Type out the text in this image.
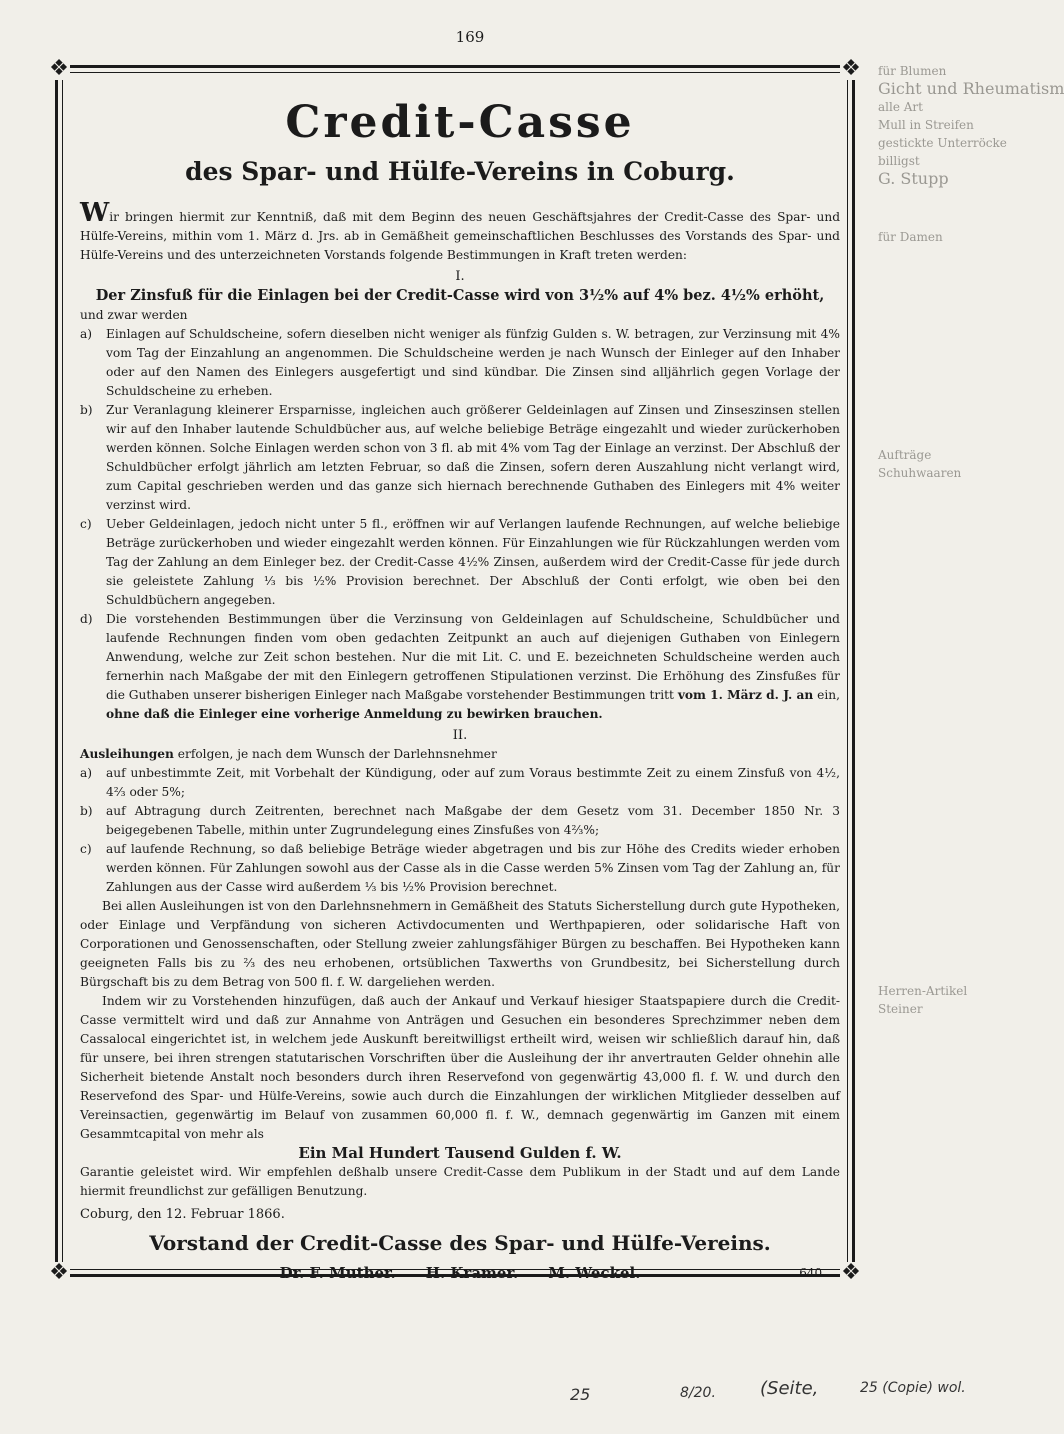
169
❖	❖
❖	❖
Credit-Casse
des Spar- und Hülfe-Vereins in Coburg.

Wir bringen hiermit zur Kenntniß, daß mit dem Beginn des neuen Geschäftsjahres der Credit-Casse des Spar- und Hülfe-Vereins, mithin vom 1. März d. Jrs. ab in Gemäßheit gemeinschaftlichen Beschlusses des Vorstands des Spar- und Hülfe-Vereins und des unterzeichneten Vorstands folgende Bestimmungen in Kraft treten werden:

I.
Der Zinsfuß für die Einlagen bei der Credit-Casse wird von 3½% auf 4% bez. 4½% erhöht,

und zwar werden

a)	Einlagen auf Schuldscheine, sofern dieselben nicht weniger als fünfzig Gulden s. W. betragen, zur Verzinsung mit 4% vom Tag der Einzahlung an angenommen. Die Schuldscheine werden je nach Wunsch der Einleger auf den Inhaber oder auf den Namen des Einlegers ausgefertigt und sind kündbar. Die Zinsen sind alljährlich gegen Vorlage der Schuldscheine zu erheben.
b)	Zur Veranlagung kleinerer Ersparnisse, ingleichen auch größerer Geldeinlagen auf Zinsen und Zinseszinsen stellen wir auf den Inhaber lautende Schuldbücher aus, auf welche beliebige Beträge eingezahlt und wieder zurückerhoben werden können. Solche Einlagen werden schon von 3 fl. ab mit 4% vom Tag der Einlage an verzinst. Der Abschluß der Schuldbücher erfolgt jährlich am letzten Februar, so daß die Zinsen, sofern deren Auszahlung nicht verlangt wird, zum Capital geschrieben werden und das ganze sich hiernach berechnende Guthaben des Einlegers mit 4% weiter verzinst wird.
c)	Ueber Geldeinlagen, jedoch nicht unter 5 fl., eröffnen wir auf Verlangen laufende Rechnungen, auf welche beliebige Beträge zurückerhoben und wieder eingezahlt werden können. Für Einzahlungen wie für Rückzahlungen werden vom Tag der Zahlung an dem Einleger bez. der Credit-Casse 4½% Zinsen, außerdem wird der Credit-Casse für jede durch sie geleistete Zahlung ⅓ bis ½% Provision berechnet. Der Abschluß der Conti erfolgt, wie oben bei den Schuldbüchern angegeben.
d)	Die vorstehenden Bestimmungen über die Verzinsung von Geldeinlagen auf Schuldscheine, Schuldbücher und laufende Rechnungen finden vom oben gedachten Zeitpunkt an auch auf diejenigen Guthaben von Einlegern Anwendung, welche zur Zeit schon bestehen. Nur die mit Lit. C. und E. bezeichneten Schuldscheine werden auch fernerhin nach Maßgabe der mit den Einlegern getroffenen Stipulationen verzinst. Die Erhöhung des Zinsfußes für die Guthaben unserer bisherigen Einleger nach Maßgabe vorstehender Bestimmungen tritt vom 1. März d. J. an ein, ohne daß die Einleger eine vorherige Anmeldung zu bewirken brauchen.
II.

Ausleihungen erfolgen, je nach dem Wunsch der Darlehnsnehmer

a)	auf unbestimmte Zeit, mit Vorbehalt der Kündigung, oder auf zum Voraus bestimmte Zeit zu einem Zinsfuß von 4½, 4⅔ oder 5%;
b)	auf Abtragung durch Zeitrenten, berechnet nach Maßgabe der dem Gesetz vom 31. December 1850 Nr. 3 beigegebenen Tabelle, mithin unter Zugrundelegung eines Zinsfußes von 4⅔%;
c)	auf laufende Rechnung, so daß beliebige Beträge wieder abgetragen und bis zur Höhe des Credits wieder erhoben werden können. Für Zahlungen sowohl aus der Casse als in die Casse werden 5% Zinsen vom Tag der Zahlung an, für Zahlungen aus der Casse wird außerdem ⅓ bis ½% Provision berechnet.

Bei allen Ausleihungen ist von den Darlehnsnehmern in Gemäßheit des Statuts Sicherstellung durch gute Hypotheken, oder Einlage und Verpfändung von sicheren Activdocumenten und Werthpapieren, oder solidarische Haft von Corporationen und Genossenschaften, oder Stellung zweier zahlungsfähiger Bürgen zu beschaffen. Bei Hypotheken kann geeigneten Falls bis zu ⅔ des neu erhobenen, ortsüblichen Taxwerths von Grundbesitz, bei Sicherstellung durch Bürgschaft bis zu dem Betrag von 500 fl. f. W. dargeliehen werden.

Indem wir zu Vorstehenden hinzufügen, daß auch der Ankauf und Verkauf hiesiger Staatspapiere durch die Credit-Casse vermittelt wird und daß zur Annahme von Anträgen und Gesuchen ein besonderes Sprechzimmer neben dem Cassalocal eingerichtet ist, in welchem jede Auskunft bereitwilligst ertheilt wird, weisen wir schließlich darauf hin, daß für unsere, bei ihren strengen statutarischen Vorschriften über die Ausleihung der ihr anvertrauten Gelder ohnehin alle Sicherheit bietende Anstalt noch besonders durch ihren Reservefond von gegenwärtig 43,000 fl. f. W. und durch den Reservefond des Spar- und Hülfe-Vereins, sowie auch durch die Einzahlungen der wirklichen Mitglieder desselben auf Vereinsactien, gegenwärtig im Belauf von zusammen 60,000 fl. f. W., demnach gegenwärtig im Ganzen mit einem Gesammtcapital von mehr als

Ein Mal Hundert Tausend Gulden f. W.

Garantie geleistet wird. Wir empfehlen deßhalb unsere Credit-Casse dem Publikum in der Stadt und auf dem Lande hiermit freundlichst zur gefälligen Benutzung.

Coburg, den 12. Februar 1866.
Vorstand der Credit-Casse des Spar- und Hülfe-Vereins.
Dr. F. Muther. H. Kramer. M. Weckel.	640.
für Blumen
Gicht und Rheumatism
alle Art
Mull in Streifen
gestickte Unterröcke
billigst
G. Stupp
für Damen
Aufträge
Schuhwaaren
Herren-Artikel
Steiner
25	8/20. (Seite,	25 (Copie) wol.
